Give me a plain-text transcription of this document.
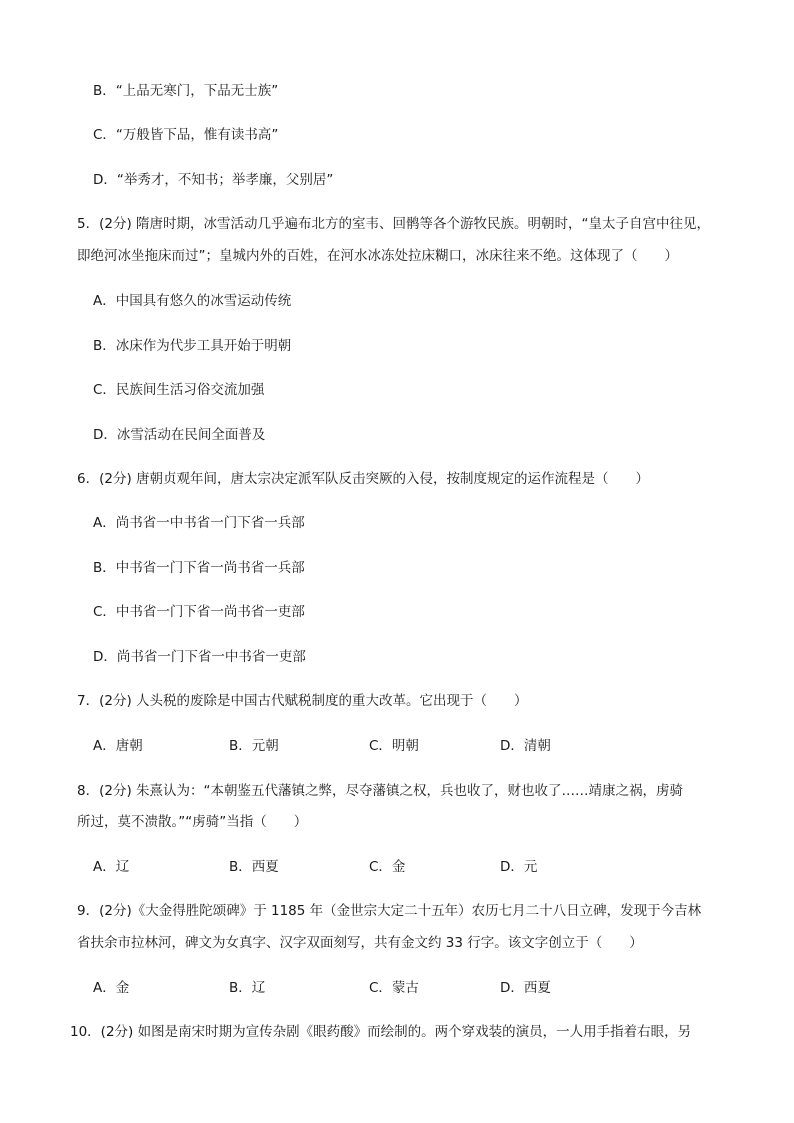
B．“上品无寒门，下品无士族”
C．“万般皆下品，惟有读书高”
D．“举秀才，不知书；举孝廉，父别居”
5．(2分) 隋唐时期，冰雪活动几乎遍布北方的室韦、回鹘等各个游牧民族。明朝时，“皇太子自宫中往见，
即绝河冰坐拖床而过”；皇城内外的百姓，在河水冰冻处拉床糊口，冰床往来不绝。这体现了（　　）
A．中国具有悠久的冰雪运动传统
B．冰床作为代步工具开始于明朝
C．民族间生活习俗交流加强
D．冰雪活动在民间全面普及
6．(2分) 唐朝贞观年间，唐太宗决定派军队反击突厥的入侵，按制度规定的运作流程是（　　）
A．尚书省一中书省一门下省一兵部
B．中书省一门下省一尚书省一兵部
C．中书省一门下省一尚书省一吏部
D．尚书省一门下省一中书省一吏部
7．(2分) 人头税的废除是中国古代赋税制度的重大改革。它出现于（　　）
A．唐朝	B．元朝	C．明朝	D．清朝
8．(2分) 朱熹认为：“本朝鉴五代藩镇之弊，尽夺藩镇之权，兵也收了，财也收了……靖康之祸，虏骑
所过，莫不溃散。”“虏骑”当指（　　）
A．辽	B．西夏	C．金	D．元
9．(2分)《大金得胜陀颂碑》于 1185 年（金世宗大定二十五年）农历七月二十八日立碑，发现于今吉林
省扶余市拉林河，碑文为女真字、汉字双面刻写，共有金文约 33 行字。该文字创立于（　　）
A．金	B．辽	C．蒙古	D．西夏
10．(2分) 如图是南宋时期为宣传杂剧《眼药酸》而绘制的。两个穿戏装的演员，一人用手指着右眼，另
